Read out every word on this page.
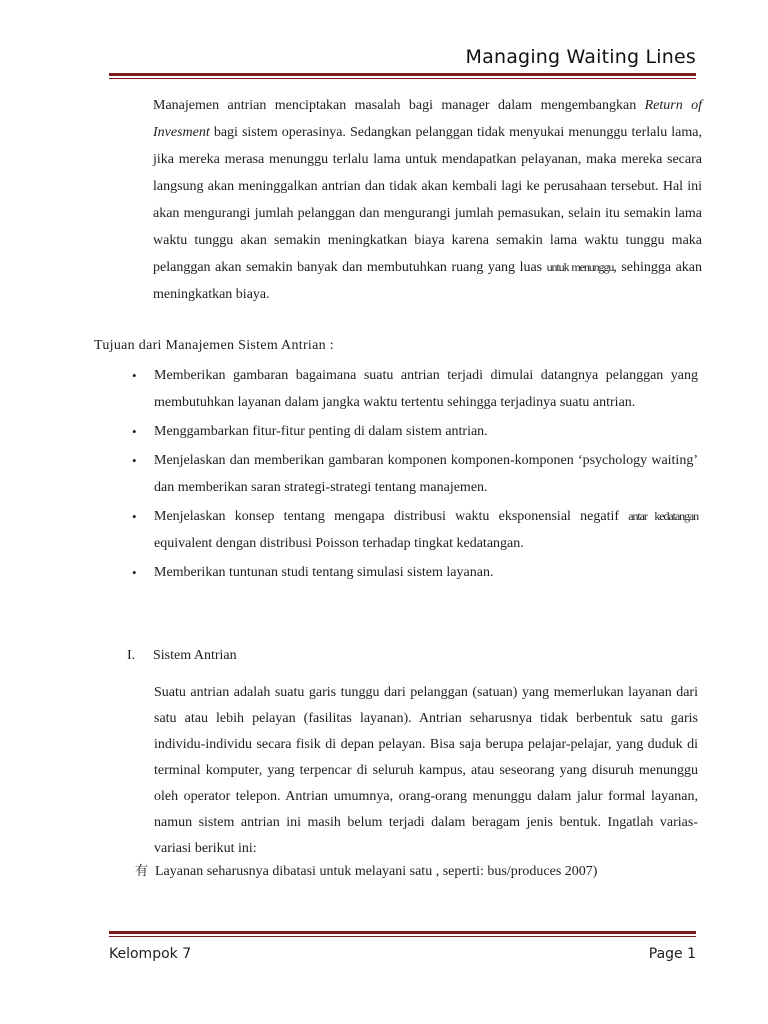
Managing Waiting Lines

Manajemen antrian menciptakan masalah bagi manager dalam mengembangkan Return of Invesment bagi sistem operasinya. Sedangkan pelanggan tidak menyukai menunggu terlalu lama, jika mereka merasa menunggu terlalu lama untuk mendapatkan pelayanan, maka mereka secara langsung akan meninggalkan antrian dan tidak akan kembali lagi ke perusahaan tersebut. Hal ini akan mengurangi jumlah pelanggan dan mengurangi jumlah pemasukan, selain itu semakin lama waktu tunggu akan semakin meningkatkan biaya karena semakin lama waktu tunggu maka pelanggan akan semakin banyak dan membutuhkan ruang yang luas untuk menunggu, sehingga akan meningkatkan biaya.

Tujuan dari Manajemen Sistem Antrian :
• Memberikan gambaran bagaimana suatu antrian terjadi dimulai datangnya pelanggan yang membutuhkan layanan dalam jangka waktu tertentu sehingga terjadinya suatu antrian.
• Menggambarkan fitur-fitur penting di dalam sistem antrian.
• Menjelaskan dan memberikan gambaran komponen komponen-komponen ‘psychology waiting’ dan memberikan saran strategi-strategi tentang manajemen.
• Menjelaskan konsep tentang mengapa distribusi waktu eksponensial negatif antar kedatangan equivalent dengan distribusi Poisson terhadap tingkat kedatangan.
• Memberikan tuntunan studi tentang simulasi sistem layanan.
I. Sistem Antrian

Suatu antrian adalah suatu garis tunggu dari pelanggan (satuan) yang memerlukan layanan dari satu atau lebih pelayan (fasilitas layanan). Antrian seharusnya tidak berbentuk satu garis individu-individu secara fisik di depan pelayan. Bisa saja berupa pelajar-pelajar, yang duduk di terminal komputer, yang terpencar di seluruh kampus, atau seseorang yang disuruh menunggu oleh operator telepon. Antrian umumnya, orang-orang menunggu dalam jalur formal layanan, namun sistem antrian ini masih belum terjadi dalam beragam jenis bentuk. Ingatlah varias-variasi berikut ini:

有 Layanan seharusnya dibatasi untuk melayani satu , seperti: bus/produces 2007)
Kelompok 7	Page 1
